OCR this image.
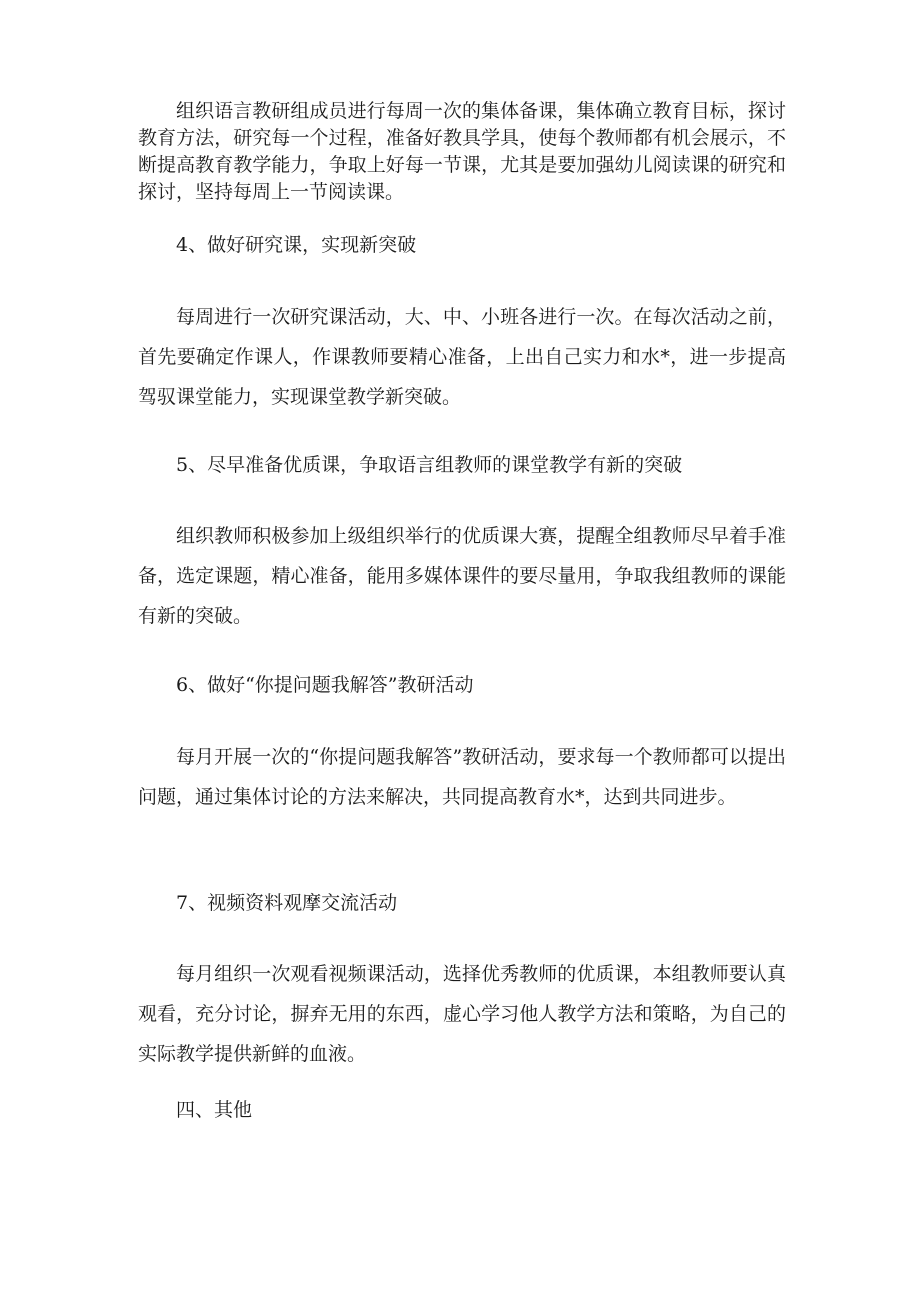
组织语言教研组成员进行每周一次的集体备课，集体确立教育目标，探讨教育方法，研究每一个过程，准备好教具学具，使每个教师都有机会展示，不断提高教育教学能力，争取上好每一节课，尤其是要加强幼儿阅读课的研究和探讨，坚持每周上一节阅读课。

4、做好研究课，实现新突破

每周进行一次研究课活动，大、中、小班各进行一次。在每次活动之前，首先要确定作课人，作课教师要精心准备，上出自己实力和水*，进一步提高驾驭课堂能力，实现课堂教学新突破。

5、尽早准备优质课，争取语言组教师的课堂教学有新的突破

组织教师积极参加上级组织举行的优质课大赛，提醒全组教师尽早着手准备，选定课题，精心准备，能用多媒体课件的要尽量用，争取我组教师的课能有新的突破。

6、做好“你提问题我解答”教研活动

每月开展一次的“你提问题我解答”教研活动，要求每一个教师都可以提出问题，通过集体讨论的方法来解决，共同提高教育水*，达到共同进步。

7、视频资料观摩交流活动

每月组织一次观看视频课活动，选择优秀教师的优质课，本组教师要认真观看，充分讨论，摒弃无用的东西，虚心学习他人教学方法和策略，为自己的实际教学提供新鲜的血液。

四、其他
